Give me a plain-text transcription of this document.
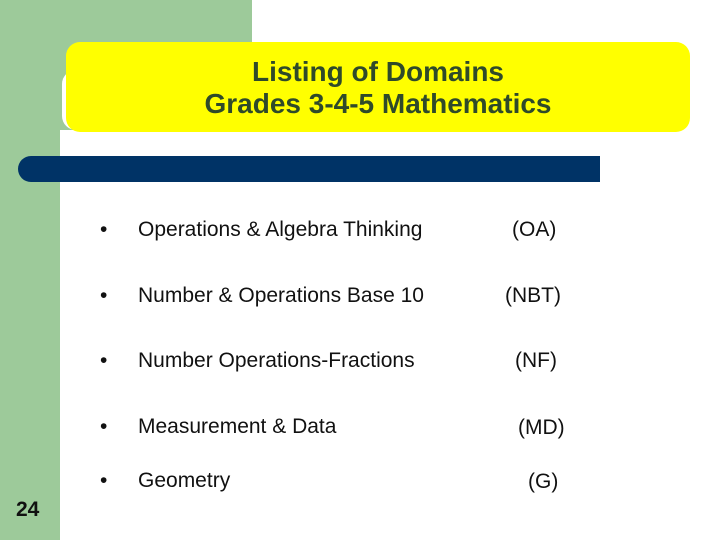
Listing of Domains
Grades 3-4-5 Mathematics
• Operations & Algebra Thinking	(OA)
• Number & Operations Base 10	(NBT)
• Number Operations-Fractions	(NF)
• Measurement & Data	(MD)
• Geometry	(G)
24
